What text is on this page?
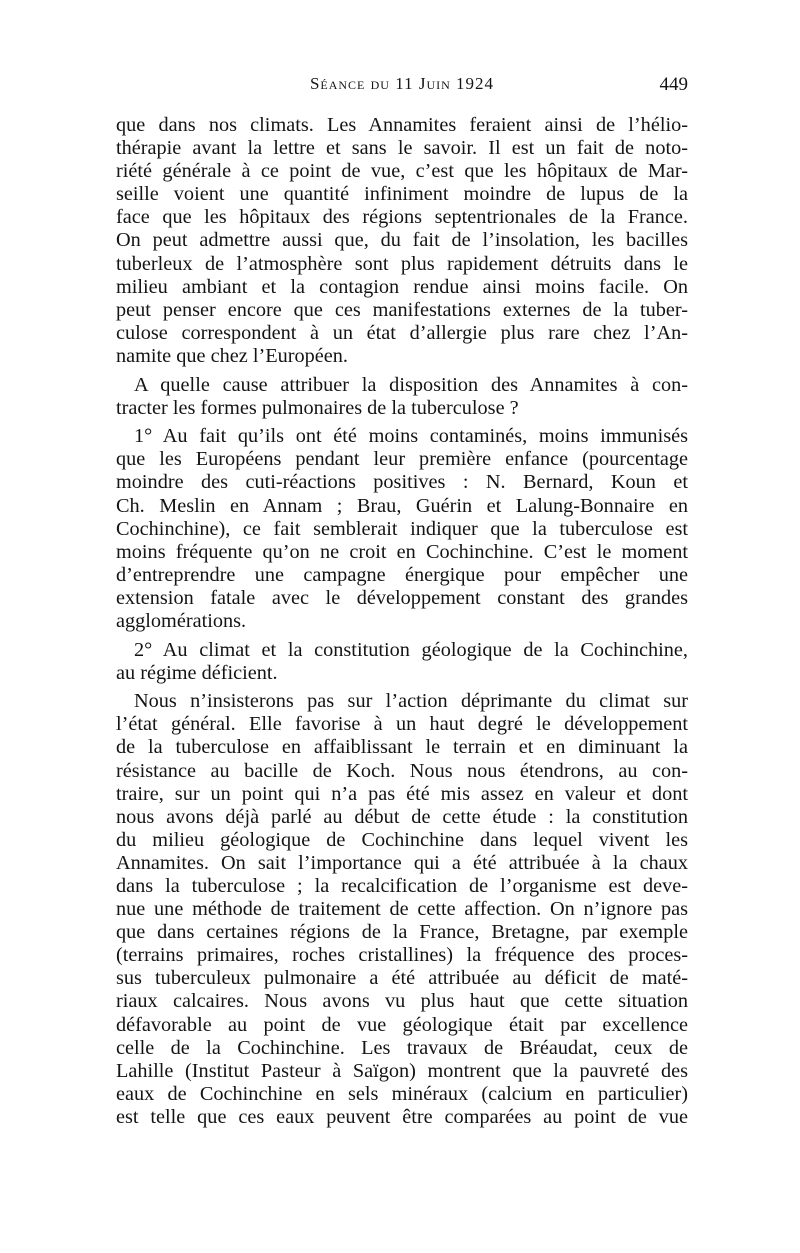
Séance du 11 Juin 1924	449
que dans nos climats. Les Annamites feraient ainsi de l’hélio-
thérapie avant la lettre et sans le savoir. Il est un fait de noto-
riété générale à ce point de vue, c’est que les hôpitaux de Mar-
seille voient une quantité infiniment moindre de lupus de la
face que les hôpitaux des régions septentrionales de la France.
On peut admettre aussi que, du fait de l’insolation, les bacilles
tuberleux de l’atmosphère sont plus rapidement détruits dans le
milieu ambiant et la contagion rendue ainsi moins facile. On
peut penser encore que ces manifestations externes de la tuber-
culose correspondent à un état d’allergie plus rare chez l’An-
namite que chez l’Européen.
A quelle cause attribuer la disposition des Annamites à con-
tracter les formes pulmonaires de la tuberculose ?
1° Au fait qu’ils ont été moins contaminés, moins immunisés
que les Européens pendant leur première enfance (pourcentage
moindre des cuti-réactions positives : N. Bernard, Koun et
Ch. Meslin en Annam ; Brau, Guérin et Lalung-Bonnaire en
Cochinchine), ce fait semblerait indiquer que la tuberculose est
moins fréquente qu’on ne croit en Cochinchine. C’est le moment
d’entreprendre une campagne énergique pour empêcher une
extension fatale avec le développement constant des grandes
agglomérations.
2° Au climat et la constitution géologique de la Cochinchine,
au régime déficient.
Nous n’insisterons pas sur l’action déprimante du climat sur
l’état général. Elle favorise à un haut degré le développement
de la tuberculose en affaiblissant le terrain et en diminuant la
résistance au bacille de Koch. Nous nous étendrons, au con-
traire, sur un point qui n’a pas été mis assez en valeur et dont
nous avons déjà parlé au début de cette étude : la constitution
du milieu géologique de Cochinchine dans lequel vivent les
Annamites. On sait l’importance qui a été attribuée à la chaux
dans la tuberculose ; la recalcification de l’organisme est deve-
nue une méthode de traitement de cette affection. On n’ignore pas
que dans certaines régions de la France, Bretagne, par exemple
(terrains primaires, roches cristallines) la fréquence des proces-
sus tuberculeux pulmonaire a été attribuée au déficit de maté-
riaux calcaires. Nous avons vu plus haut que cette situation
défavorable au point de vue géologique était par excellence
celle de la Cochinchine. Les travaux de Bréaudat, ceux de
Lahille (Institut Pasteur à Saïgon) montrent que la pauvreté des
eaux de Cochinchine en sels minéraux (calcium en particulier)
est telle que ces eaux peuvent être comparées au point de vue
